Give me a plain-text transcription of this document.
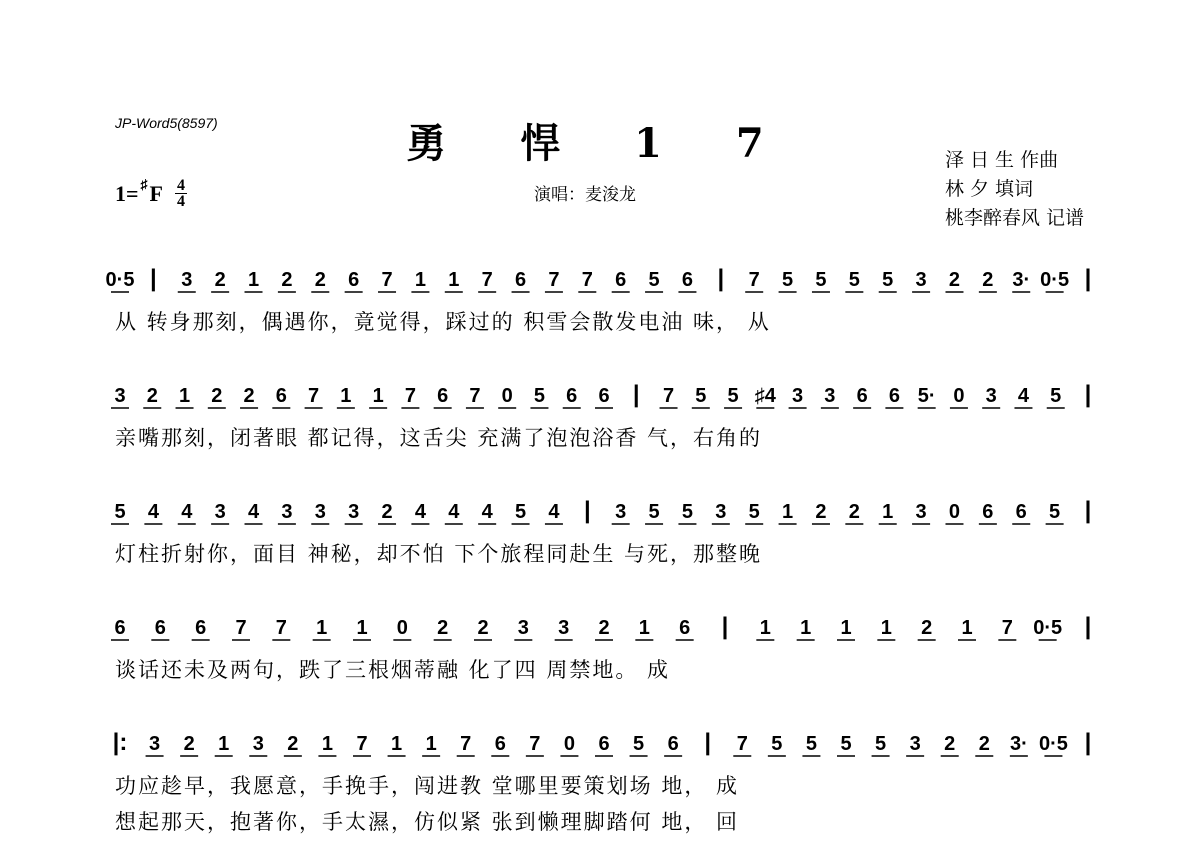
JP-Word5(8597)	勇 悍 1 7
演唱：麦浚龙
1= ♯ F 4
4
泽 日 生 作曲
林 夕 填词
桃李醉春风 记谱
0·5 | 3 2 1 2 2 6 7 1 1 7 6 7 7 6 5 6 | 7 5 5 5 5 3 2 2 3· 0·5 |
从 转身那刻，偶遇你，竟觉得，踩过的 积雪会散发电油 味， 从
3 2 1 2 2 6 7 1 1 7 6 7 0 5 6 6 | 7 5 5 ♯4 3 3 6 6 5· 0 3 4 5 |
亲嘴那刻，闭著眼 都记得，这舌尖 充满了泡泡浴香 气，右角的
5 4 4 3 4 3 3 3 2 4 4 4 5 4 | 3 5 5 3 5 1 2 2 1 3 0 6 6 5 |
灯柱折射你，面目 神秘，却不怕 下个旅程同赴生 与死，那整晚
6 6 6 7 7 1 1 0 2 2 3 3 2 1 6 | 1 1 1 1 2 1 7 0·5 |
谈话还未及两句，跌了三根烟蒂融 化了四 周禁地。 成
|: 3 2 1 3 2 1 7 1 1 7 6 7 0 6 5 6 | 7 5 5 5 5 3 2 2 3· 0·5 |
功应趁早，我愿意，手挽手，闯进教 堂哪里要策划场 地， 成
想起那天，抱著你，手太濕，仿似紧 张到懒理脚踏何 地， 回
